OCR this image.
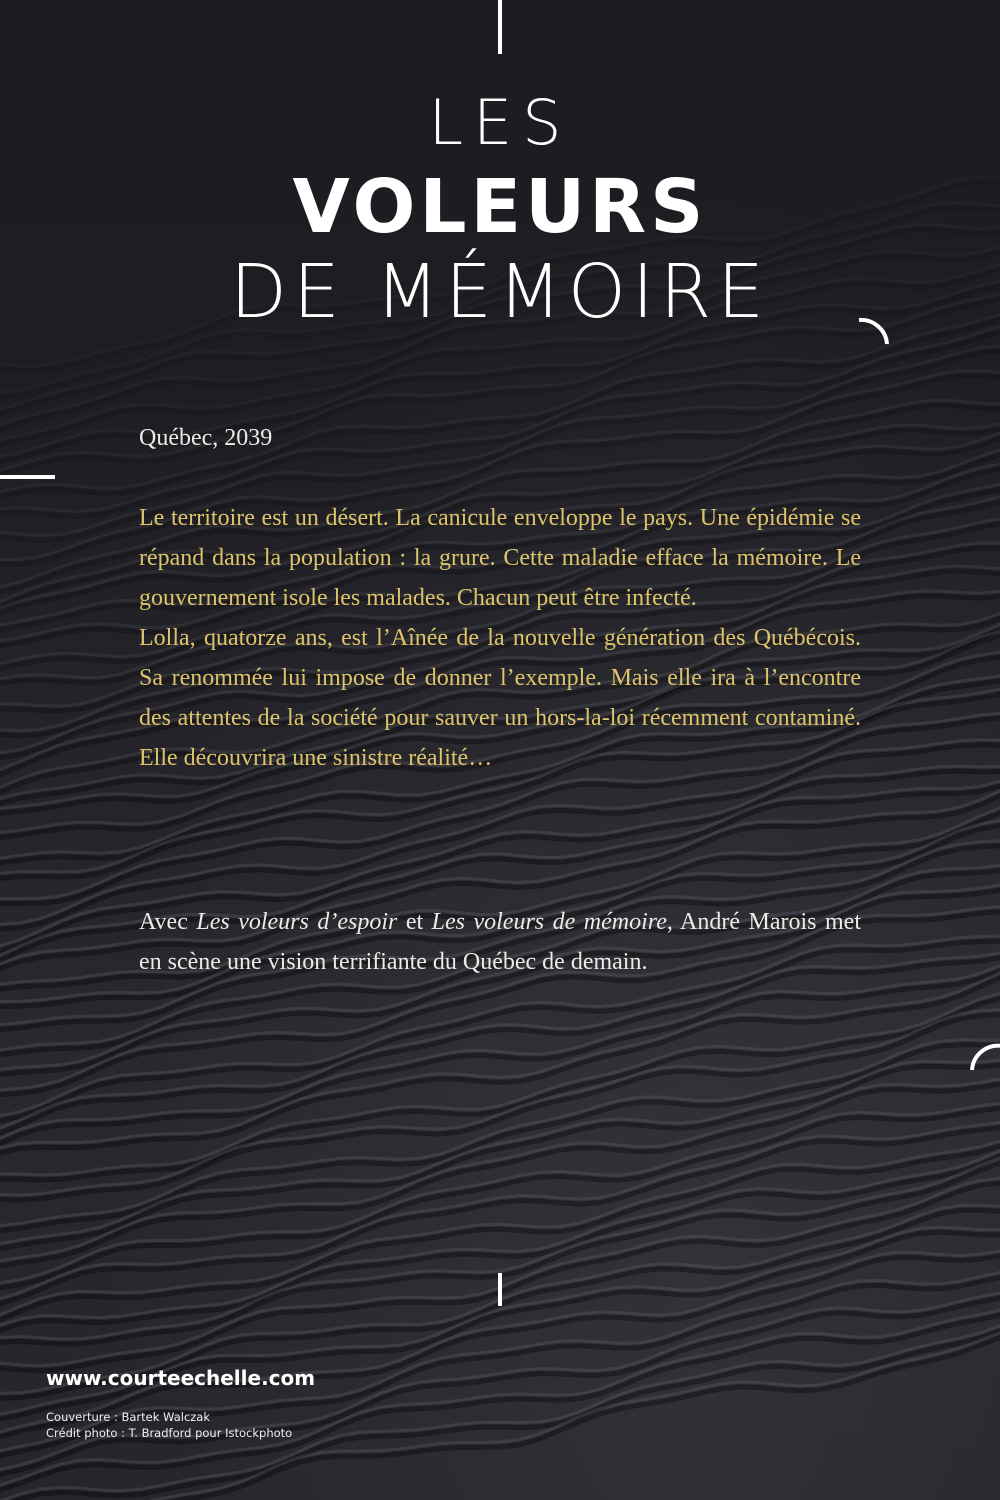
LES
VOLEURS
DE MÉMOIRE
Québec, 2039

Le territoire est un désert. La canicule enveloppe le pays. Une épidémie se répand dans la population : la grure. Cette maladie efface la mémoire. Le gouvernement isole les malades. Chacun peut être infecté.

Lolla, quatorze ans, est l’Aînée de la nouvelle génération des Québécois. Sa renommée lui impose de donner l’exemple. Mais elle ira à l’encontre des attentes de la société pour sauver un hors-la-loi récemment contaminé. Elle découvrira une sinistre réalité…

Avec Les voleurs d’espoir et Les voleurs de mémoire, André Marois met en scène une vision terrifiante du Québec de demain.
www.courteechelle.com
Couverture : Bartek Walczak
Crédit photo : T. Bradford pour Istockphoto
